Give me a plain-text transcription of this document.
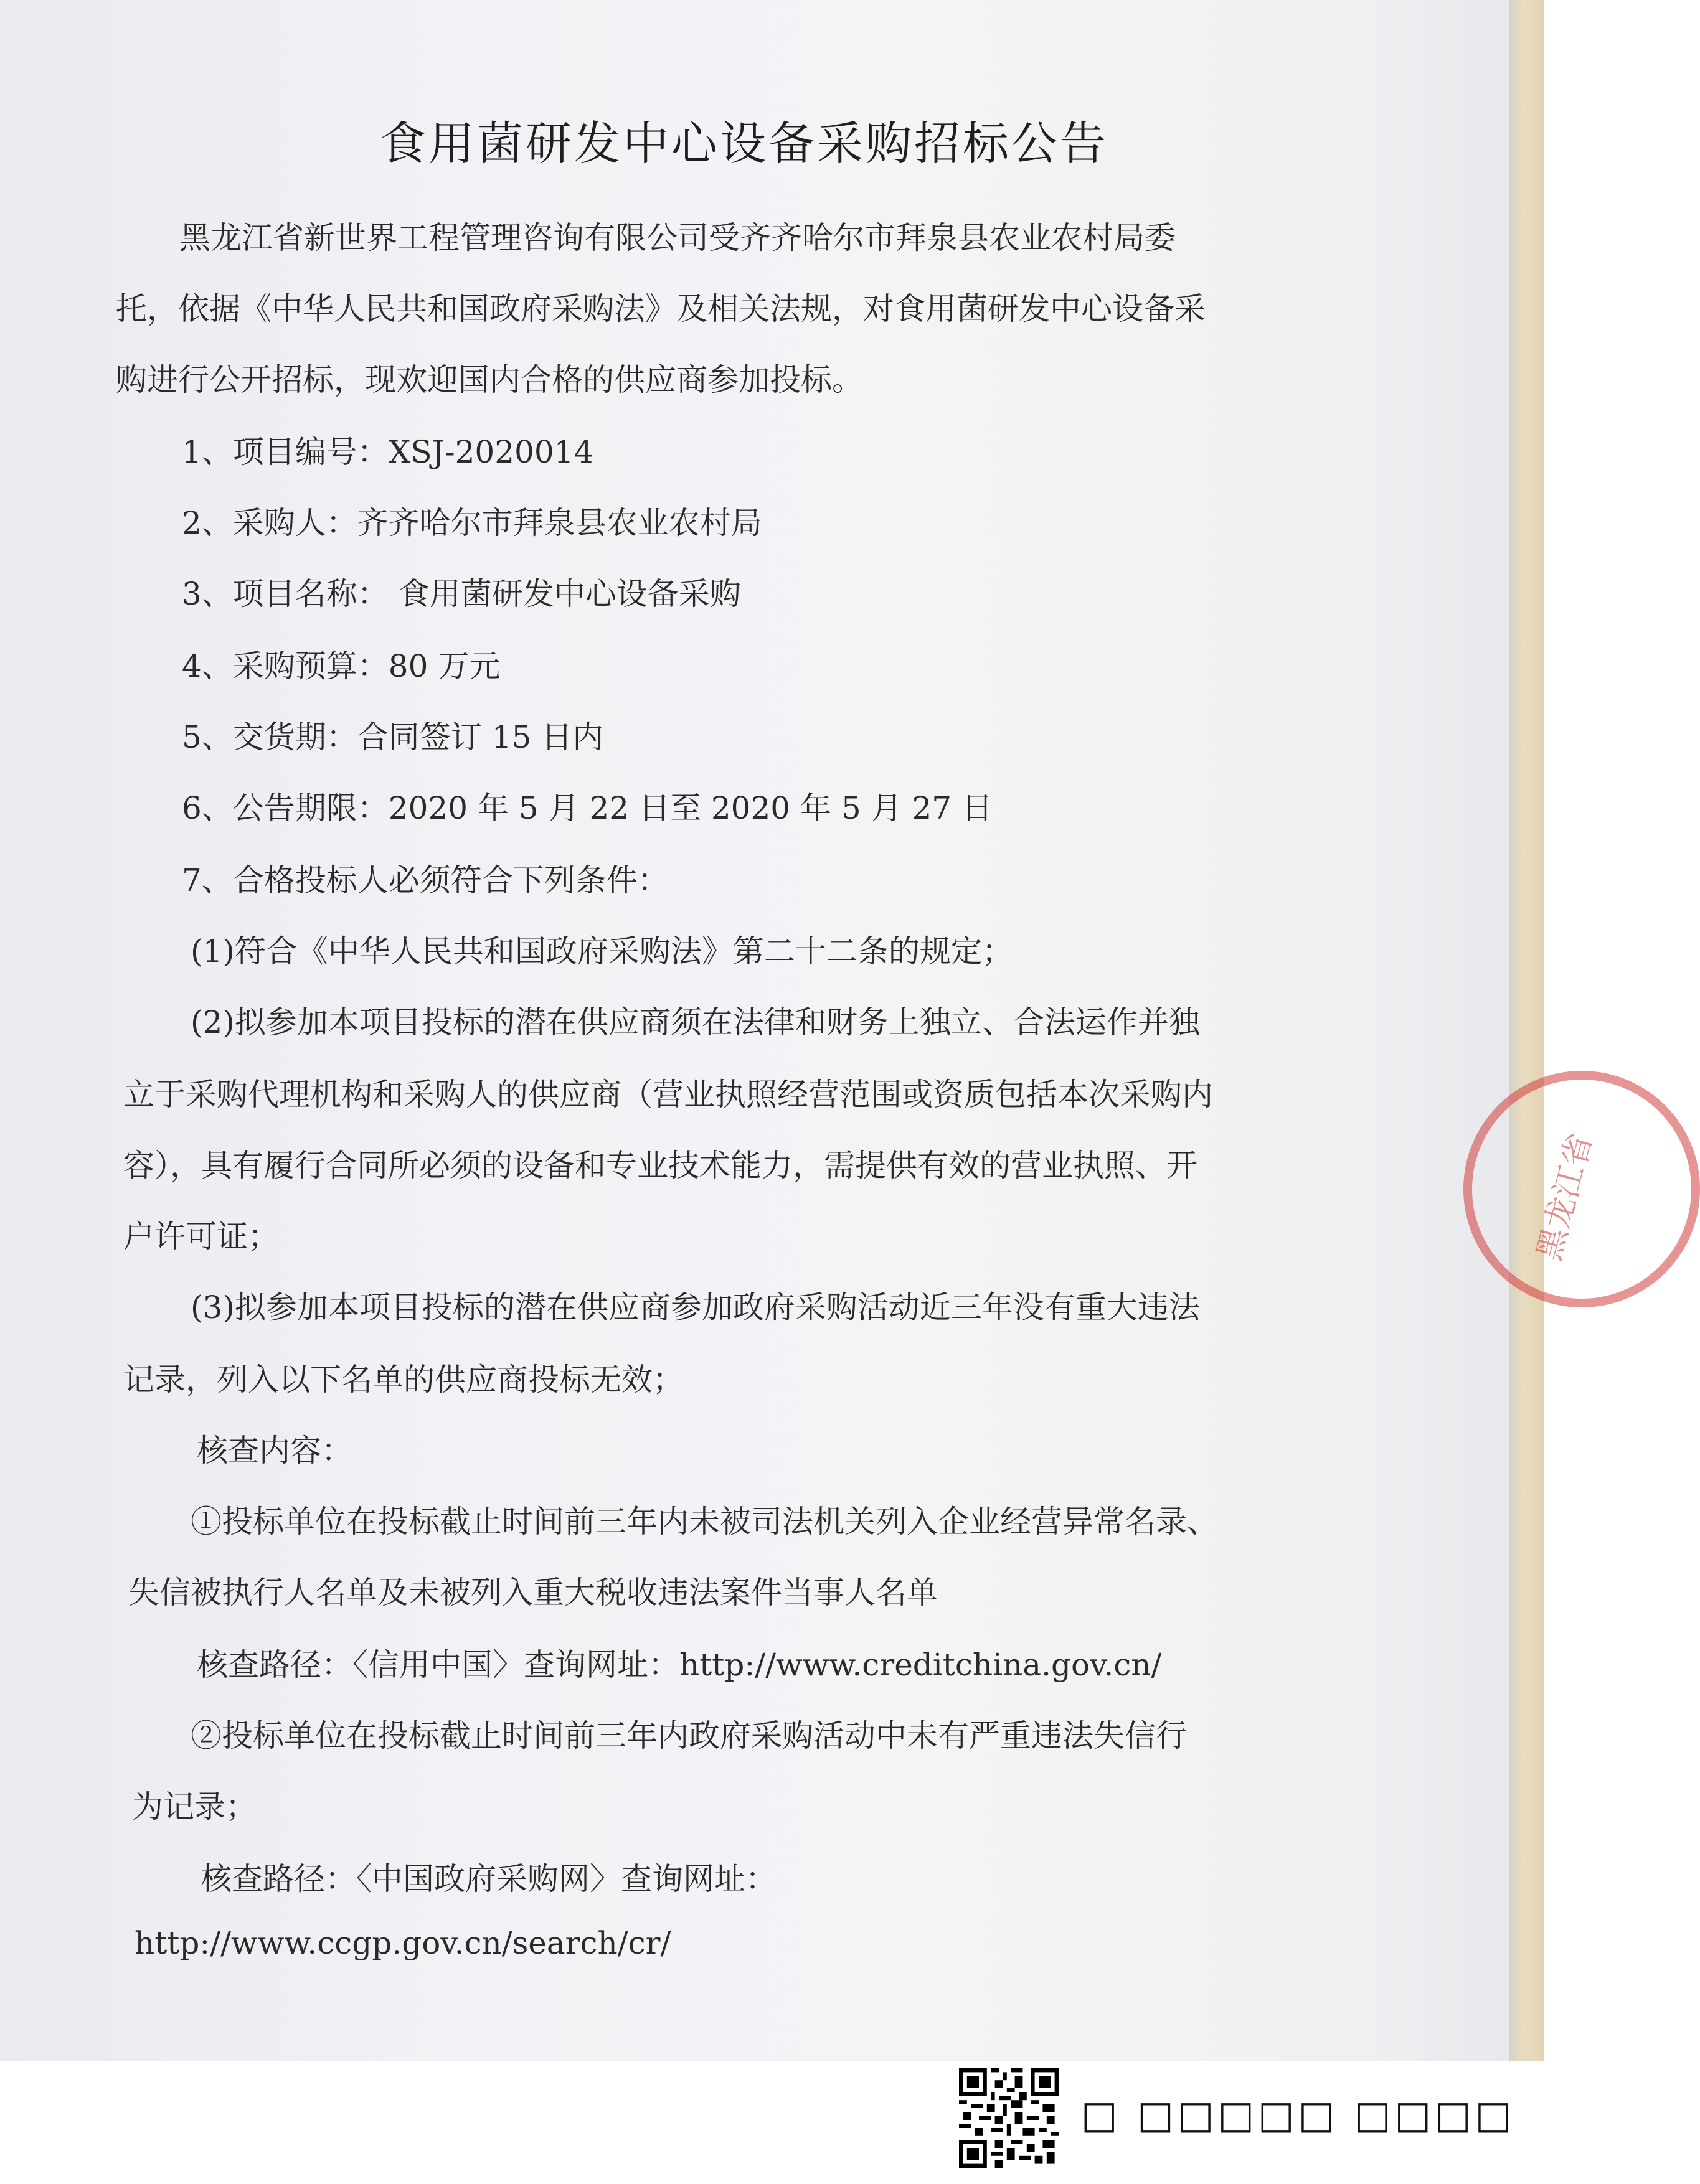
黑龙江省
食用菌研发中心设备采购招标公告
黑龙江省新世界工程管理咨询有限公司受齐齐哈尔市拜泉县农业农村局委
托，依据《中华人民共和国政府采购法》及相关法规，对食用菌研发中心设备采
购进行公开招标，现欢迎国内合格的供应商参加投标。
1、项目编号：XSJ-2020014
2、采购人：齐齐哈尔市拜泉县农业农村局
3、项目名称： 食用菌研发中心设备采购
4、采购预算：80 万元
5、交货期：合同签订 15 日内
6、公告期限：2020 年 5 月 22 日至 2020 年 5 月 27 日
7、合格投标人必须符合下列条件：
(1)符合《中华人民共和国政府采购法》第二十二条的规定；
(2)拟参加本项目投标的潜在供应商须在法律和财务上独立、合法运作并独
立于采购代理机构和采购人的供应商（营业执照经营范围或资质包括本次采购内
容），具有履行合同所必须的设备和专业技术能力，需提供有效的营业执照、开
户许可证；
(3)拟参加本项目投标的潜在供应商参加政府采购活动近三年没有重大违法
记录，列入以下名单的供应商投标无效；
核查内容：
①投标单位在投标截止时间前三年内未被司法机关列入企业经营异常名录、
失信被执行人名单及未被列入重大税收违法案件当事人名单
核查路径：〈信用中国〉查询网址：http://www.creditchina.gov.cn/
②投标单位在投标截止时间前三年内政府采购活动中未有严重违法失信行
为记录；
核查路径：〈中国政府采购网〉查询网址：
http://www.ccgp.gov.cn/search/cr/
□ □□□□□ □□□□
